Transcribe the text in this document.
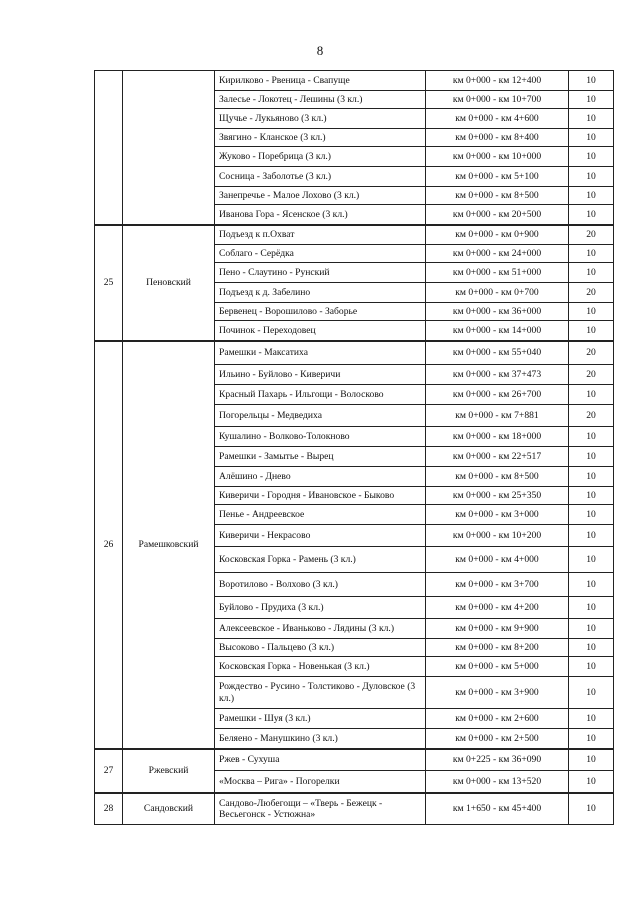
8
		Кирилково - Рвеница - Свапуще	км 0+000 - км 12+400	10
		Залесье - Локотец - Лешины (3 кл.)	км 0+000 - км 10+700	10
		Щучье - Лукьяново (3 кл.)	км 0+000 - км 4+600	10
		Звягино - Кланское (3 кл.)	км 0+000 - км 8+400	10
		Жуково - Поребрица (3 кл.)	км 0+000 - км 10+000	10
		Сосница - Заболотье (3 кл.)	км 0+000 - км 5+100	10
		Занепречье - Малое Лохово (3 кл.)	км 0+000 - км 8+500	10
		Иванова Гора - Ясенское (3 кл.)	км 0+000 - км 20+500	10
25	Пеновский	Подъезд к п.Охват	км 0+000 - км 0+900	20
		Соблаго - Серёдка	км 0+000 - км 24+000	10
		Пено - Слаутино - Рунский	км 0+000 - км 51+000	10
		Подъезд к д. Забелино	км 0+000 - км 0+700	20
		Бервенец - Ворошилово - Заборье	км 0+000 - км 36+000	10
		Починок - Переходовец	км 0+000 - км 14+000	10
26	Рамешковский	Рамешки - Максатиха	км 0+000 - км 55+040	20
		Ильино - Буйлово - Киверичи	км 0+000 - км 37+473	20
		Красный Пахарь - Ильгощи - Волосково	км 0+000 - км 26+700	10
		Погорельцы - Медведиха	км 0+000 - км 7+881	20
		Кушалино - Волково-Толокново	км 0+000 - км 18+000	10
		Рамешки - Замытье - Вырец	км 0+000 - км 22+517	10
		Алёшино - Днево	км 0+000 - км 8+500	10
		Киверичи - Городня - Ивановское - Быково	км 0+000 - км 25+350	10
		Пенье - Андреевское	км 0+000 - км 3+000	10
		Киверичи - Некрасово	км 0+000 - км 10+200	10
		Косковская Горка - Рамень (3 кл.)	км 0+000 - км 4+000	10
		Воротилово - Волхово (3 кл.)	км 0+000 - км 3+700	10
		Буйлово - Прудиха (3 кл.)	км 0+000 - км 4+200	10
		Алексеевское - Иваньково - Лядины (3 кл.)	км 0+000 - км 9+900	10
		Высоково - Пальцево (3 кл.)	км 0+000 - км 8+200	10
		Косковская Горка - Новенькая (3 кл.)	км 0+000 - км 5+000	10
		Рождество - Русино - Толстиково - Дуловское (3 кл.)	км 0+000 - км 3+900	10
		Рамешки - Шуя (3 кл.)	км 0+000 - км 2+600	10
		Беляено - Манушкино (3 кл.)	км 0+000 - км 2+500	10
27	Ржевский	Ржев - Сухуша	км 0+225 - км 36+090	10
		«Москва – Рига» - Погорелки	км 0+000 - км 13+520	10
28	Сандовский	Сандово-Любегощи – «Тверь - Бежецк - Весьегонск - Устюжна»	км 1+650 - км 45+400	10
